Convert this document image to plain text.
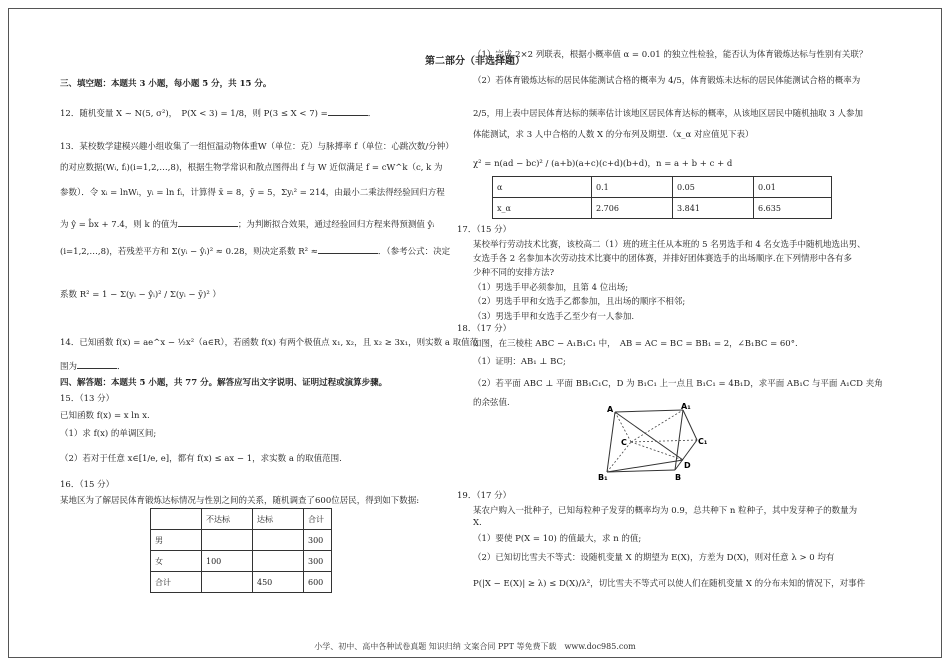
第二部分（非选择题）
三、填空题：本题共 3 小题，每小题 5 分，共 15 分。
12．随机变量 X ~ N(5, σ²)，　P(X < 3) = 1/8，则 P(3 ≤ X < 7) =	．
13．某校数学建模兴趣小组收集了一组恒温动物体重W（单位：克）与脉搏率 f（单位：心跳次数/分钟）
的对应数据(Wᵢ, fᵢ)(i=1,2,…,8)，根据生物学常识和散点图得出 f 与 W 近似满足 f = cW^k（c, k 为
参数）．令 xᵢ = lnWᵢ，yᵢ = ln fᵢ，计算得 x̄ = 8，ȳ = 5，Σyᵢ² = 214，由最小二乘法得经验回归方程
为 ŷ = b̂x + 7.4，则 k 的值为	；为判断拟合效果，通过经验回归方程来得预测值 ŷᵢ
(i=1,2,…,8)，若残差平方和 Σ(yᵢ − ŷᵢ)² ≈ 0.28，则决定系数 R² ≈	．（参考公式：决定
系数 R² = 1 − Σ(yᵢ − ŷᵢ)² / Σ(yᵢ − ȳ)² ）
14．已知函数 f(x) = ae^x − ½x²（a∈R），若函数 f(x) 有两个极值点 x₁, x₂，且 x₂ ≥ 3x₁，则实数 a 取值范
围为	．
四、解答题：本题共 5 小题，共 77 分。解答应写出文字说明、证明过程或演算步骤。
15．（13 分）
已知函数 f(x) = x ln x.
（1）求 f(x) 的单调区间;
（2）若对于任意 x∈[1/e, e]，都有 f(x) ≤ ax − 1，求实数 a 的取值范围.
16．（15 分）
某地区为了解居民体育锻炼达标情况与性别之间的关系，随机调查了600位居民，得到如下数据:
	不达标	达标	合计
男			300
女	100		300
合计		450	600
（1）完成 2×2 列联表，根据小概率值 α = 0.01 的独立性检验，能否认为体育锻炼达标与性别有关联？
（2）若体育锻炼达标的居民体能测试合格的概率为 4/5，体育锻炼未达标的居民体能测试合格的概率为
2/5，用上表中居民体育达标的频率估计该地区居民体育达标的概率，从该地区居民中随机抽取 3 人参加
体能测试，求 3 人中合格的人数 X 的分布列及期望.（x_α 对应值见下表）
χ² = n(ad − bc)² / (a+b)(a+c)(c+d)(b+d)，n = a + b + c + d
α	0.1	0.05	0.01
x_α	2.706	3.841	6.635
17．（15 分）
某校举行劳动技术比赛，该校高二（1）班的班主任从本班的 5 名男选手和 4 名女选手中随机地选出男、
女选手各 2 名参加本次劳动技术比赛中的团体赛，并排好团体赛选手的出场顺序.在下列情形中各有多
少种不同的安排方法?
（1）男选手甲必须参加，且第 4 位出场;
（2）男选手甲和女选手乙都参加，且出场的顺序不相邻;
（3）男选手甲和女选手乙至少有一人参加.
18．（17 分）
如图，在三棱柱 ABC − A₁B₁C₁ 中，　AB = AC = BC = BB₁ = 2，∠B₁BC = 60°.
（1）证明：AB₁ ⊥ BC;
（2）若平面 ABC ⊥ 平面 BB₁C₁C，D 为 B₁C₁ 上一点且 B₁C₁ = 4B₁D，求平面 AB₁C 与平面 A₁CD 夹角
的余弦值.
A	A₁
C	C₁
B₁	B
D
19．（17 分）
某农户购入一批种子，已知每粒种子发芽的概率均为 0.9，总共种下 n 粒种子，其中发芽种子的数量为
X.
（1）要使 P(X = 10) 的值最大，求 n 的值;
（2）已知切比雪夫不等式：设随机变量 X 的期望为 E(X)，方差为 D(X)，则对任意 λ > 0 均有
P(|X − E(X)| ≥ λ) ≤ D(X)/λ²，切比雪夫不等式可以使人们在随机变量 X 的分布未知的情况下，对事件
小学、初中、高中各种试卷真题 知识归纳 文案合同 PPT 等免费下载　www.doc985.com
